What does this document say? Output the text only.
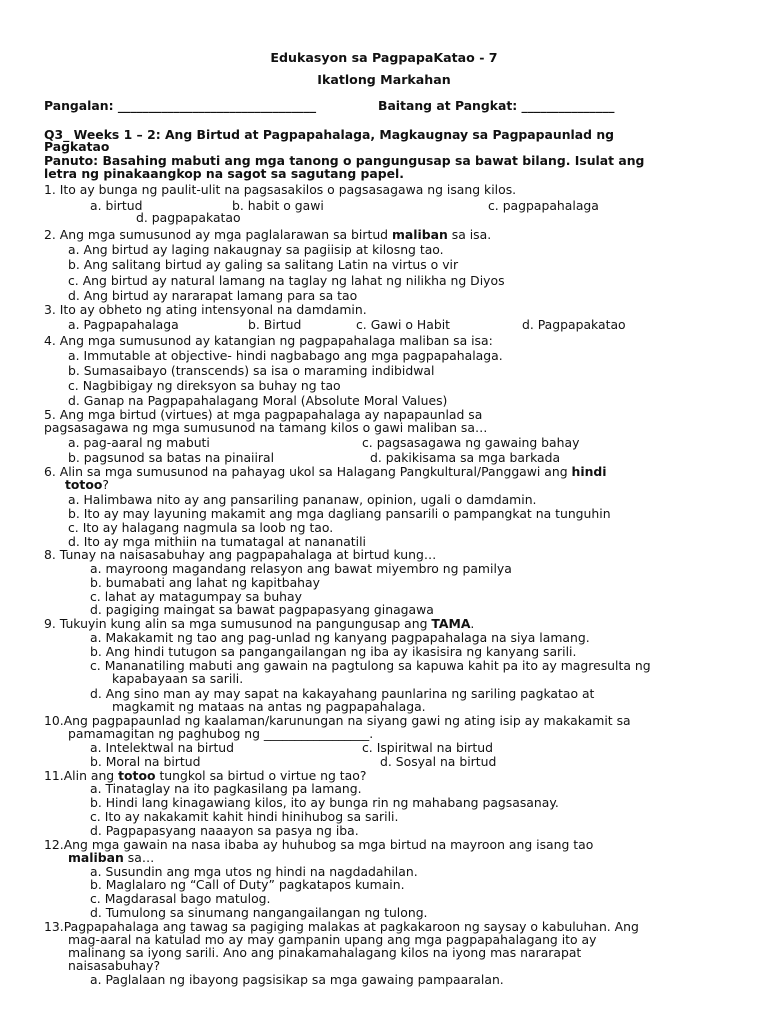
Edukasyon sa PagpapaKatao - 7
Ikatlong Markahan
Pangalan: ________________________________	Baitang at Pangkat: _______________
Q3_ Weeks 1 – 2: Ang Birtud at Pagpapahalaga, Magkaugnay sa Pagpapaunlad ng
Pagkatao
Panuto: Basahing mabuti ang mga tanong o pangungusap sa bawat bilang. Isulat ang
letra ng pinakaangkop na sagot sa sagutang papel.
1. Ito ay bunga ng paulit-ulit na pagsasakilos o pagsasagawa ng isang kilos.
a. birtud	b. habit o gawi	c. pagpapahalaga
d. pagpapakatao
2. Ang mga sumusunod ay mga paglalarawan sa birtud maliban sa isa.
a. Ang birtud ay laging nakaugnay sa pagiisip at kilosng tao.
b. Ang salitang birtud ay galing sa salitang Latin na virtus o vir
c. Ang birtud ay natural lamang na taglay ng lahat ng nilikha ng Diyos
d. Ang birtud ay nararapat lamang para sa tao
3. Ito ay obheto ng ating intensyonal na damdamin.
a. Pagpapahalaga	b. Birtud	c. Gawi o Habit	d. Pagpapakatao
4. Ang mga sumusunod ay katangian ng pagpapahalaga maliban sa isa:
a. Immutable at objective- hindi nagbabago ang mga pagpapahalaga.
b. Sumasaibayo (transcends) sa isa o maraming indibidwal
c. Nagbibigay ng direksyon sa buhay ng tao
d. Ganap na Pagpapahalagang Moral (Absolute Moral Values)
5. Ang mga birtud (virtues) at mga pagpapahalaga ay napapaunlad sa
pagsasagawa ng mga sumusunod na tamang kilos o gawi maliban sa…
a. pag-aaral ng mabuti	c. pagsasagawa ng gawaing bahay
b. pagsunod sa batas na pinaiiral	d. pakikisama sa mga barkada
6. Alin sa mga sumusunod na pahayag ukol sa Halagang Pangkultural/Panggawi ang hindi
totoo?
a. Halimbawa nito ay ang pansariling pananaw, opinion, ugali o damdamin.
b. Ito ay may layuning makamit ang mga dagliang pansarili o pampangkat na tunguhin
c. Ito ay halagang nagmula sa loob ng tao.
d. Ito ay mga mithiin na tumatagal at nananatili
8. Tunay na naisasabuhay ang pagpapahalaga at birtud kung…
a. mayroong magandang relasyon ang bawat miyembro ng pamilya
b. bumabati ang lahat ng kapitbahay
c. lahat ay matagumpay sa buhay
d. pagiging maingat sa bawat pagpapasyang ginagawa
9. Tukuyin kung alin sa mga sumusunod na pangungusap ang TAMA.
a. Makakamit ng tao ang pag-unlad ng kanyang pagpapahalaga na siya lamang.
b. Ang hindi tutugon sa pangangailangan ng iba ay ikasisira ng kanyang sarili.
c. Mananatiling mabuti ang gawain na pagtulong sa kapuwa kahit pa ito ay magresulta ng
kapabayaan sa sarili.
d. Ang sino man ay may sapat na kakayahang paunlarina ng sariling pagkatao at
magkamit ng mataas na antas ng pagpapahalaga.
10.Ang pagpapaunlad ng kaalaman/karunungan na siyang gawi ng ating isip ay makakamit sa
pamamagitan ng paghubog ng _________________.
a. Intelektwal na birtud	c. Ispiritwal na birtud
b. Moral na birtud	d. Sosyal na birtud
11.Alin ang totoo tungkol sa birtud o virtue ng tao?
a. Tinataglay na ito pagkasilang pa lamang.
b. Hindi lang kinagawiang kilos, ito ay bunga rin ng mahabang pagsasanay.
c. Ito ay nakakamit kahit hindi hinihubog sa sarili.
d. Pagpapasyang naaayon sa pasya ng iba.
12.Ang mga gawain na nasa ibaba ay huhubog sa mga birtud na mayroon ang isang tao
maliban sa…
a. Susundin ang mga utos ng hindi na nagdadahilan.
b. Maglalaro ng “Call of Duty” pagkatapos kumain.
c. Magdarasal bago matulog.
d. Tumulong sa sinumang nangangailangan ng tulong.
13.Pagpapahalaga ang tawag sa pagiging malakas at pagkakaroon ng saysay o kabuluhan. Ang
mag-aaral na katulad mo ay may gampanin upang ang mga pagpapahalagang ito ay
malinang sa iyong sarili. Ano ang pinakamahalagang kilos na iyong mas nararapat
naisasabuhay?
a. Paglalaan ng ibayong pagsisikap sa mga gawaing pampaaralan.
